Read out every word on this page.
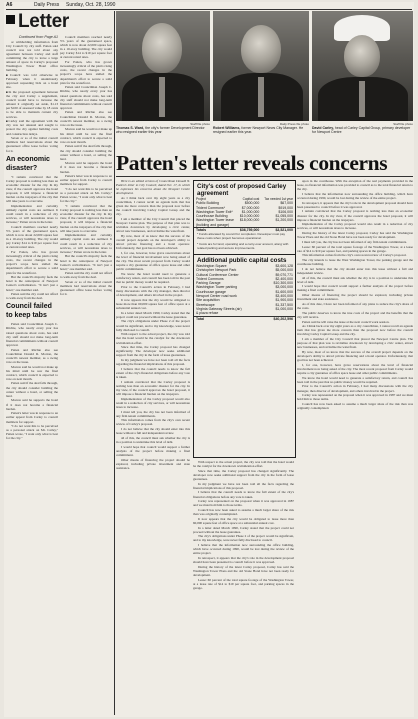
A6	Daily Press Sunday, Oct. 28, 1990
Letter

Continued from Page A1

or withholding information from City Council by city staff. Patten said council was not told about any agreement between Carley and staff committing the city to leave a large amount of space in Carley's proposed Washington Tower Hotel office building.

■ Council was told otherwise in February when it unanimously approved requesting bids on a hotel site.

■ In the proposed agreement between the city and Carley a supplement, council would have to increase the amount it originally set aside, $1.13 per $100 of assessed value by 18 cents to be able to maintain current city services.

■ Carley said the agreement with the city was not unusual and sought to protect the city against building costs and construction delays.

Seven or so of the initial council members had reservations about the guaranteed office lease before voting for it.

An economic disaster?

"I remain convinced that the Carley proposal is nothing less than an economic disaster for the city. In my view, if the council approves the hotel proposal, it will impose a financial burden on the taxpayers of the city that will take years to overcome.

Implementation and certainly unlikely capital costs are outlined. It could result in a reduction of city services, or will necessitate taxes to increase," Patten wrote in the letter.

Council members reached nearly 5% years of the guaranteed space, which is now about 22,000 square feet in a 10-story building. The city would pay Carley $14 to $19 per square foot at current rental rates.

For Patten, who has grown increasingly critical of the plan's rising costs, the recent changes in the project's scope have stalled the department's effort to secure a solid plan for the waterfront.

But the council's majority feels the hotel is the centerpiece of Newport Center's revitalization. "It isn't just a hotel," one member said.

Patten said the city could not afford to walk away from the deal.

Council failed to keep tabs

Patten said Councilman Joseph C. Ritchie, who nearly every year has raised questions about costs, has said city staff should not make long-term financial commitments without council approval.

Patten and Ritchie also see Councilman Donald R. Morton, the council's newest member, as a swing vote on the issue.

Morton said he would not make up his mind until he saw the final contract, which council is expected to vote on next month.

Patten said if the deal falls through, the city should consider building the center without a hotel, or selling the land.

Morton said he supports the hotel if it does not become a financial burden.

Patten's letter was in response to an earlier appeal from Carley to council members for support.

"I do not want this to be perceived as a personal attack on Mr. Carley," Patten wrote, "I want only what is best for the city."

Council members reached nearly 5% years of the guaranteed space, which is now about 22,000 square feet in a 10-story building. The city would pay Carley $14 to $19 per square foot at current rental rates.

For Patten, who has grown increasingly critical of the plan's rising costs, the recent changes in the project's scope have stalled the department's effort to secure a solid plan for the waterfront.

Patten said Councilman Joseph C. Ritchie, who nearly every year has raised questions about costs, has said city staff should not make long-term financial commitments without council approval.

Patten and Ritchie also see Councilman Donald R. Morton, the council's newest member, as a swing vote on the issue.

Morton said he would not make up his mind until he saw the final contract, which council is expected to vote on next month.

Patten said if the deal falls through, the city should consider building the center without a hotel, or selling the land.

Morton said he supports the hotel if it does not become a financial burden.

Patten's letter was in response to an earlier appeal from Carley to council members for support.

"I do not want this to be perceived as a personal attack on Mr. Carley," Patten wrote, "I want only what is best for the city."

"I remain convinced that the Carley proposal is nothing less than an economic disaster for the city. In my view, if the council approves the hotel proposal, it will impose a financial burden on the taxpayers of the city that will take years to overcome.

Implementation and certainly unlikely capital costs are outlined. It could result in a reduction of city services, or will necessitate taxes to increase," Patten wrote in the letter.

But the council's majority feels the hotel is the centerpiece of Newport Center's revitalization. "It isn't just a hotel," one member said.

Patten said the city could not afford to walk away from the deal.

Seven or so of the initial council members had reservations about the guaranteed office lease before voting for it.

Staff file photo
Thomas S. Ward, the city's former Development Director who resigned earlier this year
Daily Press file photo
Robert Williams, former Newport News City Manager. He resigned earlier this year.
Staff file photo
David Carley, head of Carley Capital Group, primary developer for Newport Centre
Patten's letter reveals concerns

Here is an edited version of Councilman Donald N. Patten's letter to City Council, dated Oct. 17, in which he expresses his concerns about the Newport Centre development.

As I think back over my eight years as a city councilman, I cannot recall an agenda item that has given me more concern than the proposal now before the council involving Carley Capital Group and the city.

I am a member of the City Council that placed the Newport Centre plan. The purpose of that plan was to revitalize downtown by developing a civic center, attract new businesses, and revitalize the waterfront.

By now, most of us know that the success of the overall project depends on the developer's ability to attract private financing and a hotel operator. Unfortunately, that goal has not been achieved.

I, for one, however, have grave reservations about the level of financial involvement now being asked of the city. The most recent proposal from Carley would require a city guarantee of office space lease and other public commitments.

We know the hotel would need to generate a satisfactory return, and council has been told in the past that no public money would be required.

Prior to the Council's action in February, I had many discussions with the city manager, then director of development, and others involved in the project.

It now appears that the city would be obligated to lease more than 60,000 square feet of office space at a substantial annual cost.

In a letter dated March 1990, Carley stated that the project could not proceed without the lease guarantee.

The city's obligations under Phase 2 of the project would be significant, and to my knowledge, were never fully disclosed to council.

With respect to the actual project, the city was told that the hotel would be the catalyst for the downtown revitalization effort.

Since that time, the Carley proposal has changed significantly. The developer now seeks additional support from the city in the form of lease guarantees.

In my judgment we have not been told all the facts regarding the financial implications of this proposal.

I believe that the council needs to know the full extent of the city's financial obligations before any vote is taken.

I remain convinced that the Carley proposal is nothing less than an economic disaster for the city. In my view, if the council approves the hotel proposal, it will impose a financial burden on the taxpayers.

Implementation of the Carley proposal would also result in a reduction of city services, or will necessitate taxes to increase.

I must tell you, the city has not been informed of any firm tenant commitments.

This information comes from the city's own recent review of Carley's proposal.

I do not believe that the city should enter into this lease without a full and independent review.

all of this, the council must ask whether the city is in a position to undertake this level of debt.

I would hope that council would support a further analysis of the project before making a final commitment.

Other means of financing the project should be explored, including private investment and state assistance.

City's cost of proposed Carley agreement
Project	Capital cost	Tax needed 1st year
Public Building	$500,000	$67,000
Trident Commons*	$7,000,000	$919,000
Washington Tower Exit*	$1,000,000	$106,000
Courthouse Building	$10,000,000	$1,055,000
Washington Tower lease	$18,000,000	$1,200,000
(building and garage)		
Totals	$36,759,000	$3,521,000
* Funds allocated by council for completion. Developer must pay these costs when project becomes operational.
* Costs are for land, operating and a carry-over amount, along with related parking and access improvements.
Additional public capital costs
Washington Square	$3,600,128
Christopher Newport Park	$5,000,000
Cultural Conference Center	$9,070,771
Trident Commons	$2,400,000
Parking Garage	$10,300,000
Washington Tower parking	$3,000,000
Courthouse garage	$1,600,000
Newport Center road work	$3,400,000
Site acquisition	$1,900,000
Streetscape	$1,337,500
Virginia Gateway Streets (air)	$1,000,000
& plaza refuse	
Total	$40,202,596

With respect to the actual project, the city was told that the hotel would be the catalyst for the downtown revitalization effort.

Since that time, the Carley proposal has changed significantly. The developer now seeks additional support from the city in the form of lease guarantees.

In my judgment we have not been told all the facts regarding the financial implications of this proposal.

I believe that the council needs to know the full extent of the city's financial obligations before any vote is taken.

Carley was represented on the proposal when it was approved in 1987 and we must hold him to those terms.

Council has now been asked to assume a much larger share of the risk than was originally contemplated.

It now appears that the city would be obligated to lease more than 60,000 square feet of office space at a substantial annual cost.

In a letter dated March 1990, Carley stated that the project could not proceed without the lease guarantee.

The city's obligations under Phase 2 of the project would be significant, and to my knowledge, were never fully disclosed to council.

I believe that the information now surrounding the office building, which have occurred during 1990, would be lost during the review of the entire project.

In retrospect, it appears that the city's role in the development proposal should have been presented to council before it was approved.

During the history of the latest Carley proposal, Carley has said the Washington Tower Plaza and the old Stone Hotel have not been ready for development.

Lease: 60 percent of the total square footage of the Washington Tower, at a lease rate of $14 to $19 per square foot, and parking spaces in the garage.

upon in the courthouse. With the exception of the real payments provided in the lease, no financial information was provided to council as to the total financial return to the city.

I believe that the information now surrounding the office building, which have occurred during 1990, would be lost during the review of the entire project.

In retrospect, it appears that the city's role in the development proposal should have been presented to council before it was approved.

I remain convinced that the Carley proposal is nothing less than an economic disaster for the city. In my view, if the council approves the hotel proposal, it will impose a financial burden on the taxpayers.

Implementation of the Carley proposal would also result in a reduction of city services, or will necessitate taxes to increase.

During the history of the latest Carley proposal, Carley has said the Washington Tower Plaza and the old Stone Hotel have not been ready for development.

I must tell you, the city has not been informed of any firm tenant commitments.

Lease: 60 percent of the total square footage of the Washington Tower, at a lease rate of $14 to $19 per square foot, and parking spaces in the garage.

This information comes from the city's own recent review of Carley's proposal.

The city intends to lease the West Washington Tower, the parking garage and the courthouse building.

I do not believe that the city should enter into this lease without a full and independent review.

all of this, the council must ask whether the city is in a position to undertake this level of debt.

I would hope that council would support a further analysis of the project before making a final commitment.

Other means of financing the project should be explored, including private investment and state assistance.

As of this date, I have not been informed of any plans to reduce the city's share of the costs.

The public deserves to know the true costs of the project and the benefits that the city will receive.

Patten said he will raise the issue at the next council work session.

As I think back over my eight years as a city councilman, I cannot recall an agenda item that has given me more concern than the proposal now before the council involving Carley Capital Group and the city.

I am a member of the City Council that placed the Newport Centre plan. The purpose of that plan was to revitalize downtown by developing a civic center, attract new businesses, and revitalize the waterfront.

By now, most of us know that the success of the overall project depends on the developer's ability to attract private financing and a hotel operator. Unfortunately, that goal has not been achieved.

I, for one, however, have grave reservations about the level of financial involvement now being asked of the city. The most recent proposal from Carley would require a city guarantee of office space lease and other public commitments.

We know the hotel would need to generate a satisfactory return, and council has been told in the past that no public money would be required.

Prior to the Council's action in February, I had many discussions with the city manager, then director of development, and others involved in the project.

Carley was represented on the proposal when it was approved in 1987 and we must hold him to those terms.

Council has now been asked to assume a much larger share of the risk than was originally contemplated.
